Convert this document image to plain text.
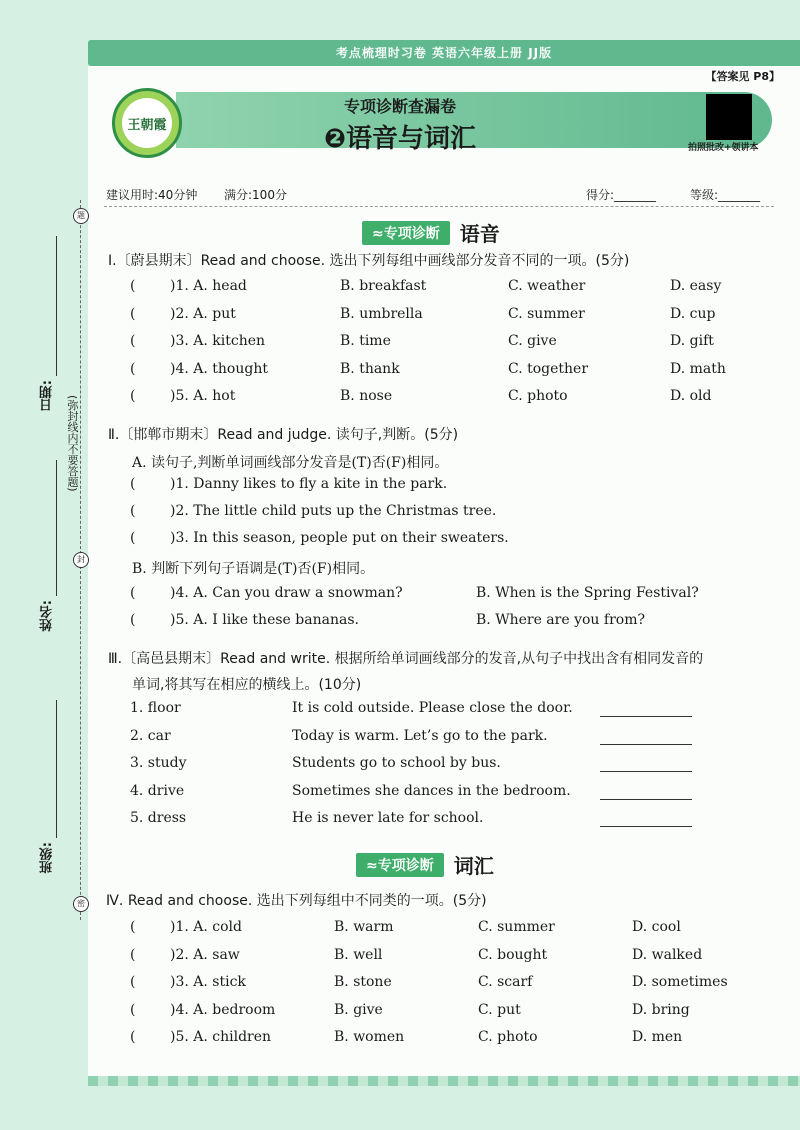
考点梳理时习卷 英语六年级上册 JJ版
【答案见 P8】
王朝霞
专项诊断查漏卷
❷语音与词汇	拍照批改+领讲本
建议用时:40分钟 满分:100分	得分:_______	等级:_______
题
封
密
日期: (弥封线内不要答题)
姓名:
班级:
≈专项诊断	语音
Ⅰ.〔蔚县期末〕Read and choose. 选出下列每组中画线部分发音不同的一项。(5分)
( )1. A. head	B. breakfast	C. weather	D. easy
( )2. A. put	B. umbrella	C. summer	D. cup
( )3. A. kitchen	B. time	C. give	D. gift
( )4. A. thought	B. thank	C. together	D. math
( )5. A. hot	B. nose	C. photo	D. old
Ⅱ.〔邯郸市期末〕Read and judge. 读句子,判断。(5分)
A. 读句子,判断单词画线部分发音是(T)否(F)相同。
( )1. Danny likes to fly a kite in the park.
( )2. The little child puts up the Christmas tree.
( )3. In this season, people put on their sweaters.
B. 判断下列句子语调是(T)否(F)相同。
( )4. A. Can you draw a snowman?	B. When is the Spring Festival?
( )5. A. I like these bananas.	B. Where are you from?
Ⅲ.〔高邑县期末〕Read and write. 根据所给单词画线部分的发音,从句子中找出含有相同发音的
单词,将其写在相应的横线上。(10分)
1. floor	It is cold outside. Please close the door.
2. car	Today is warm. Let’s go to the park.
3. study	Students go to school by bus.
4. drive	Sometimes she dances in the bedroom.
5. dress	He is never late for school.
≈专项诊断	词汇
Ⅳ. Read and choose. 选出下列每组中不同类的一项。(5分)
( )1. A. cold	B. warm	C. summer	D. cool
( )2. A. saw	B. well	C. bought	D. walked
( )3. A. stick	B. stone	C. scarf	D. sometimes
( )4. A. bedroom	B. give	C. put	D. bring
( )5. A. children	B. women	C. photo	D. men
